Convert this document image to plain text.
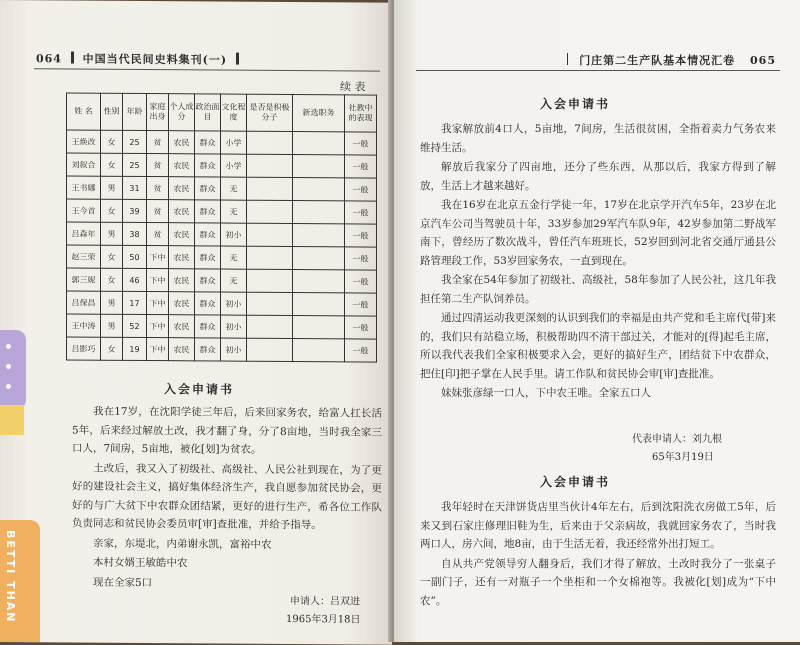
064 中国当代民间史料集刊(一)
续 表
姓 名	性别	年龄	家庭出身	个人成分	政治面目	文化程度	是否是积极分子	新选职务	社教中的表现
王焕改	女	25	贫	农民	群众	小学			一般
刘叙合	女	25	贫	农民	群众	小学			一般
王书娜	男	31	贫	农民	群众	无			一般
王今首	女	39	贫	农民	群众	无			一般
吕森年	男	38	贫	农民	群众	初小			一般
赵三荣	女	50	下中	农民	群众	无			一般
郭三妮	女	46	下中	农民	群众	无			一般
吕保昌	男	17	下中	农民	群众	初小			一般
王中涛	男	52	下中	农民	群众	初小			一般
吕影巧	女	19	下中	农民	群众	初小			一般
入会申请书

我在17岁，在沈阳学徒三年后，后来回家务农，给富人扛长活5年，后来经过解放土改，我才翻了身，分了8亩地，当时我全家三口人，7间房，5亩地，被化[划]为贫农。

土改后，我又入了初级社、高级社、人民公社到现在，为了更好的建设社会主义，搞好集体经济生产，我自愿参加贫民协会，更好的与广大贫下中农群众团结紧，更好的进行生产，希各位工作队负责同志和贫民协会委员审[审]查批准，并给予指导。

亲家，东堤北，内弟谢永凯，富裕中农

本村女婿王敏皓中农

现在全家5口

申请人：吕双进
1965年3月18日
门庄第二生产队基本情况汇卷 065
入会申请书

我家解放前4口人，5亩地，7间房，生活很贫困，全指着卖力气务农来维持生活。

解放后我家分了四亩地，还分了些东西，从那以后，我家方得到了解放，生活上才越来越好。

我在16岁在北京五金行学徒一年，17岁在北京学开汽车5年，23岁在北京汽车公司当驾驶员十年，33岁参加29军汽车队9年，42岁参加第二野战军南下，曾经历了数次战斗，曾任汽车班班长，52岁回到河北省交通厅通县公路管理段工作，53岁回家务农，一直到现在。

我全家在54年参加了初级社、高级社，58年参加了人民公社，这几年我担任第二生产队饲养员。

通过四清运动我更深刻的认识到我们的幸福是由共产党和毛主席代[带]来的，我们只有站稳立场，积极帮助四不清干部过关，才能对的[得]起毛主席，所以我代表我们全家积极要求入会，更好的搞好生产，团结贫下中农群众，把住[印]把子掌在人民手里。请工作队和贫民协会审[审]查批准。

妹妹张彦绿一口人，下中农王唯。全家五口人

代表申请人：刘九根
65年3月19日
入会申请书

我年轻时在天津饼货店里当伙计4年左右，后到沈阳洗衣房做工5年，后来又到石家庄修理旧鞋为生，后来由于父亲病故，我就回家务农了，当时我两口人，房六间，地8亩，由于生活无着，我还经常外出打短工。

自从共产党领导穷人翻身后，我们才得了解放，土改时我分了一张桌子一副门子，还有一对瓶子一个坐柜和一个女棉袍等。我被化[划]成为“下中农”。

BETTI THAN
